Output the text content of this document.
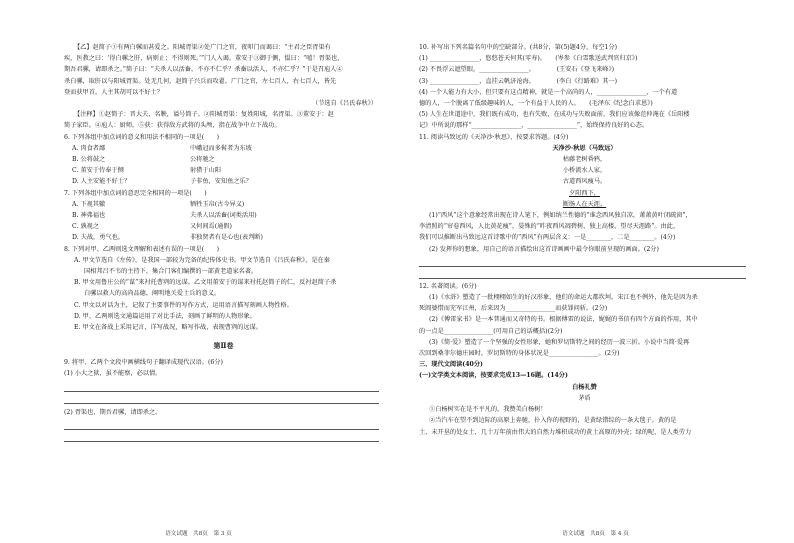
【乙】赵简子①有两白骡而甚爱之。阳城胥渠②处广门之官，夜叩门而谒曰：“主君之臣胥渠有
疾，医教之曰：‘得白骡之肝，病则止；不得则死。’”门人入谒。董安于③御于侧，愠曰：“嘻！胥渠也，
期吾君骡，请即杀之。”简子曰：“夫杀人以活畜，不亦不仁乎？杀畜以活人，不亦仁乎？”于是召庖人④
杀白骡，取肝以与阳城胥渠。处无几何，赵简子兴兵而攻翟。广门之官，左七百人，右七百人，皆先
登而获甲首。人主其胡可以不好士？
（节选自《吕氏春秋》）
【注释】①赵简子：晋大夫，名鞅，谥号简子。②阳城胥渠：复姓阳城，名胥渠。③董安于：赵
简子家臣。④庖人：厨师。⑤获：获得敌方武将的头颅，指在战争中立下战功。
6. 下列各组中加点词的意义和用法不相同的一项是(　　)
A. 肉食者鄙	中峨冠而多髯者为东坡
B. 公将鼓之	公将驰之
C. 董安于侍奉于侧	射猎于山阳
D. 人主安能不好士？	子非鱼，安知鱼之乐？
7. 下列各组中加点词的意思完全相同的一项是(　　)
A. 下视其辙	牺牲玉帛(古今异义)
B. 神弗福也	夫杀人以活畜(词类活用)
C. 孰视之	又何间焉(通假)
D. 夫战，勇气也。	非独贤者有是心也(表判断)
8. 下列对甲、乙两则选文理解和表述有误的一项是(　　)
A. 甲文节选自《左传》，是我国一部较为完备的纪传体史书。甲文节选自《吕氏春秋》，是在秦
国相邦吕不韦的主持下，集合门客们编撰的一部黄老道家名著。
B. 甲文用鲁庄公的“谋”来衬托曹刿的远谋。乙文用董安于的谋来衬托赵简子的仁，反衬赵简子杀
白骡以救人的高尚品德，阐明地关爱士兵的意义。
C. 甲文以对话为主，记叙了主要事件的写作方式，运用语言描写刻画人物性格。
D. 甲、乙两则选文通篇运用了对比手法，刻画了鲜明的人物形象。
E. 甲文在备战上采用记言、详写战况，略写作战，表现曹刿的远谋。
第Ⅱ卷
9. 将甲、乙两个文段中画横线句子翻译成现代汉语。(6分)
(1) 小大之狱，虽不能察，必以情。
(2) 胥渠也，期吾君骡，请即杀之。
语文试题　共8页　第 3 页
10. 补写出下列名篇名句中的空缺部分。(共8分，第(5)题4分，每空1分)
(1) ________________，悠悠苍天何其(零寿)。　　(岑参《白雪歌送武判官归京》)
(2) 不畏浮云遮望眼，________________。　　　　(王安石《登飞来峰》)
(3) ________________，直挂云帆济沧海。　　　　(李白《行路难》其一)
(4) 一个人能力有大小，但只要有这点精神，就是一个高尚的人，________________，一个有道
德的人，一个脱离了低级趣味的人，一个有益于人民的人。　　(毛泽东《纪念白求恩》)
(5) 人生在世道途中，我们既有成功，也有失败，在成功与失败面前，我们应该像范仲淹在《岳阳楼
记》中所说的那样“________________，________________”，始终保持良好的心态。
11. 阅读马致远的《天净沙·秋思》，按要求答题。(4分)
天净沙·秋思（马致远）
枯藤老树昏鸦，
小桥流水人家，
古道西风瘦马。
夕阳西下，
断肠人在天涯。
(1)“西风”这个意象经常出现在诗人笔下，例如纳兰性德的“谁念西风独自凉，萧萧黄叶闭疏窗”，
李清照的“帘卷西风，人比黄花瘦”，晏殊的“昨夜西风凋碧树，独上高楼，望尽天涯路”。由此，
我们可以推断出马致远这首诗歌中的“西风”有两层含义：一是________，二是________。(4分)
(2) 发挥你的想象，用自己的语言描绘出这首诗画画中最令你眼前呈现的画面。(2分)
12. 名著阅读。(6分)
(1)《水浒》塑造了一批栩栩如生的好汉形象，他们的命运大都坎坷。宋江也不例外，他先是因为杀
死阎婆惜而充军江州，后来因为________________而获罪问斩。(2分)
(2)《傅雷家书》是一本普通而又奇特的书。根据傅雷的说法，娓娓的书信有四个方面的作用，其中
的一点是________________(可用自己的话概括)(2分)
(3)《简·爱》塑造了一个坚强的女性形象，她和罗切斯特之间的经历一波三折。小说中当简·爱再
次回到桑菲尔德庄园时，罗切斯特的身体状况是________________。(2分)
三、现代文阅读(40分)
(一)文学类文本阅读，按要求完成13—16题。(14分)
白杨礼赞
茅盾
①白杨树实在是不平凡的，我赞美白杨树！
②当汽车在望不到边际的高原上奔驰，扑入你的视野的，是黄绿错综的一条大毯子。黄的是
土，未开垦的处女土，几十万年前由伟大的自然力堆积成功的黄土高原的外壳；绿的呢，是人类劳力
语文试题　共8页　第 4 页
